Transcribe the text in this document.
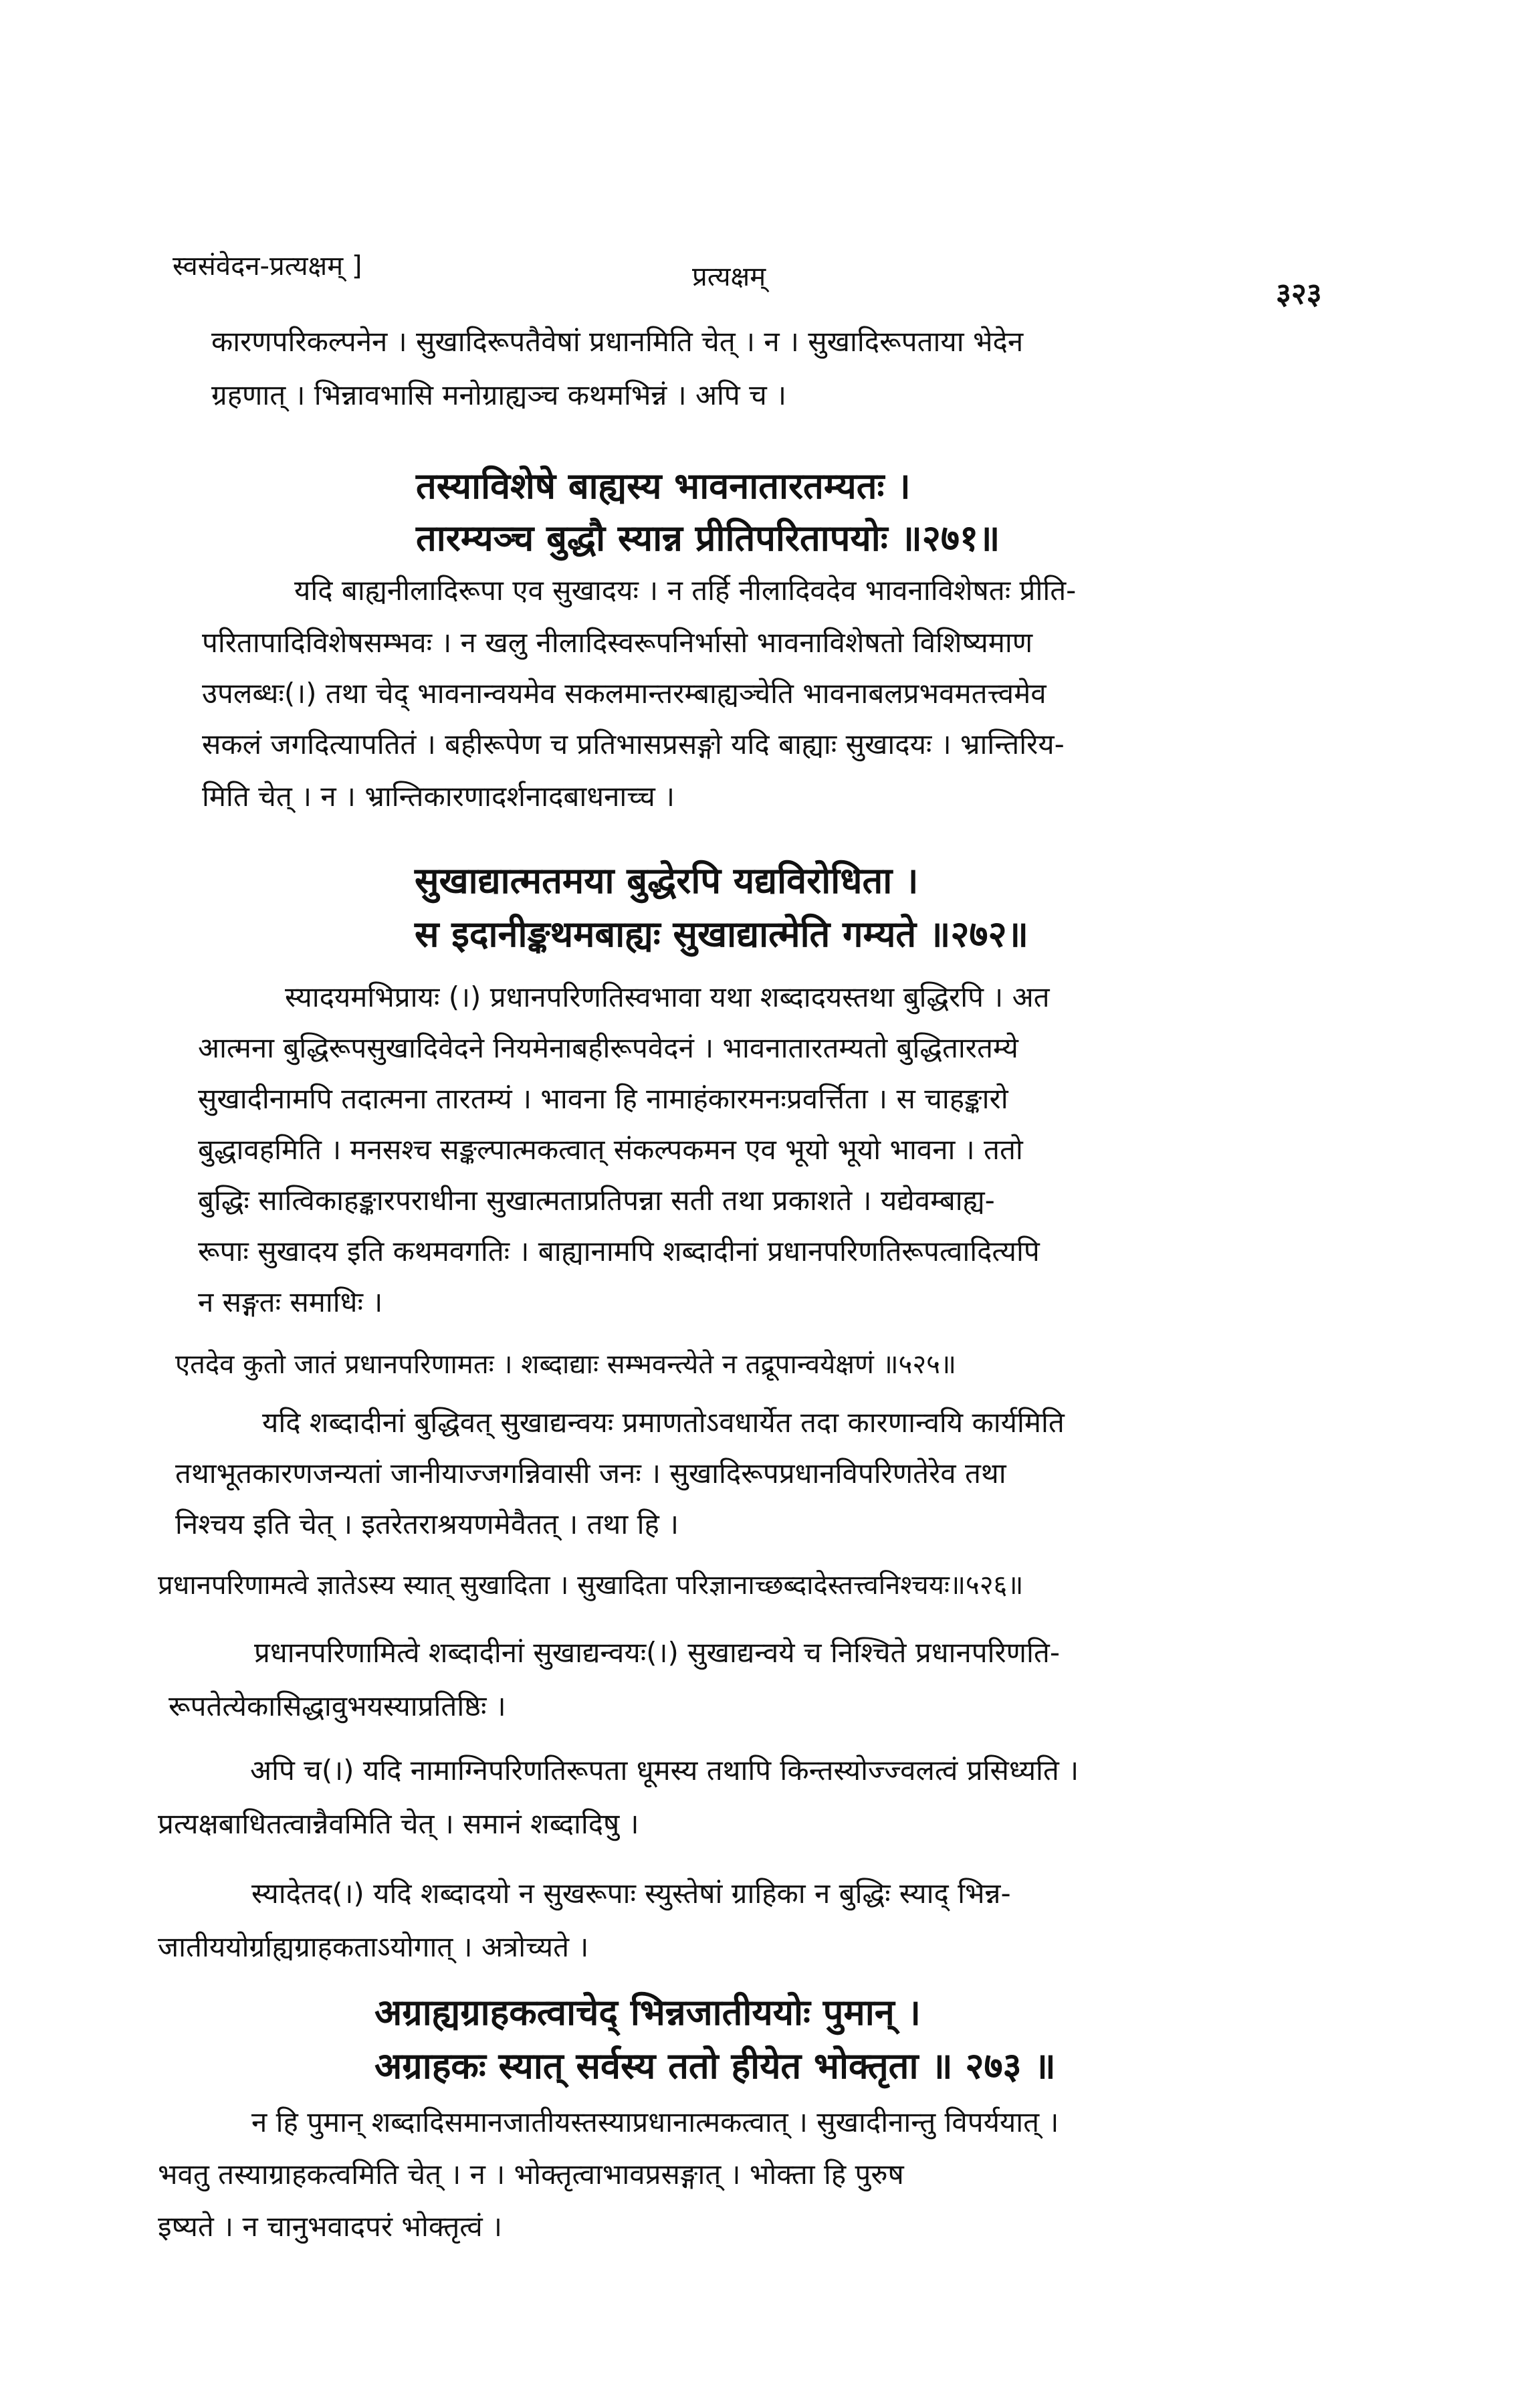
स्वसंवेदन-प्रत्यक्षम् ]	प्रत्यक्षम्	३२३
कारणपरिकल्पनेन । सुखादिरूपतैवेषां प्रधानमिति चेत् । न । सुखादिरूपताया भेदेन
ग्रहणात् । भिन्नावभासि मनोग्राह्यञ्च कथमभिन्नं । अपि च ।
तस्याविशेषे बाह्यस्य भावनातारतम्यतः ।
तारम्यञ्च बुद्धौ स्यान्न प्रीतिपरितापयोः ॥२७१॥
यदि बाह्यनीलादिरूपा एव सुखादयः । न तर्हि नीलादिवदेव भावनाविशेषतः प्रीति-
परितापादिविशेषसम्भवः । न खलु नीलादिस्वरूपनिर्भासो भावनाविशेषतो विशिष्यमाण
उपलब्धः(।) तथा चेद् भावनान्वयमेव सकलमान्तरम्बाह्यञ्चेति भावनाबलप्रभवमतत्त्वमेव
सकलं जगदित्यापतितं । बहीरूपेण च प्रतिभासप्रसङ्गो यदि बाह्याः सुखादयः । भ्रान्तिरिय-
मिति चेत् । न । भ्रान्तिकारणादर्शनादबाधनाच्च ।
सुखाद्यात्मतमया बुद्धेरपि यद्यविरोधिता ।
स इदानीङ्कथमबाह्यः सुखाद्यात्मेति गम्यते ॥२७२॥
स्यादयमभिप्रायः (।) प्रधानपरिणतिस्वभावा यथा शब्दादयस्तथा बुद्धिरपि । अत
आत्मना बुद्धिरूपसुखादिवेदने नियमेनाबहीरूपवेदनं । भावनातारतम्यतो बुद्धितारतम्ये
सुखादीनामपि तदात्मना तारतम्यं । भावना हि नामाहंकारमनःप्रवर्त्तिता । स चाहङ्कारो
बुद्धावहमिति । मनसश्च सङ्कल्पात्मकत्वात् संकल्पकमन एव भूयो भूयो भावना । ततो
बुद्धिः सात्विकाहङ्कारपराधीना सुखात्मताप्रतिपन्ना सती तथा प्रकाशते । यद्येवम्बाह्य-
रूपाः सुखादय इति कथमवगतिः । बाह्यानामपि शब्दादीनां प्रधानपरिणतिरूपत्वादित्यपि
न सङ्गतः समाधिः ।
एतदेव कुतो जातं प्रधानपरिणामतः । शब्दाद्याः सम्भवन्त्येते न तद्रूपान्वयेक्षणं ॥५२५॥
यदि शब्दादीनां बुद्धिवत् सुखाद्यन्वयः प्रमाणतोऽवधार्येत तदा कारणान्वयि कार्यमिति
तथाभूतकारणजन्यतां जानीयाज्जगन्निवासी जनः । सुखादिरूपप्रधानविपरिणतेरेव तथा
निश्चय इति चेत् । इतरेतराश्रयणमेवैतत् । तथा हि ।
प्रधानपरिणामत्वे ज्ञातेऽस्य स्यात् सुखादिता । सुखादिता परिज्ञानाच्छब्दादेस्तत्त्वनिश्चयः॥५२६॥
प्रधानपरिणामित्वे शब्दादीनां सुखाद्यन्वयः(।) सुखाद्यन्वये च निश्चिते प्रधानपरिणति-
रूपतेत्येकासिद्धावुभयस्याप्रतिष्ठिः ।
अपि च(।) यदि नामाग्निपरिणतिरूपता धूमस्य तथापि किन्तस्योज्ज्वलत्वं प्रसिध्यति ।
प्रत्यक्षबाधितत्वान्नैवमिति चेत् । समानं शब्दादिषु ।
स्यादेतद(।) यदि शब्दादयो न सुखरूपाः स्युस्तेषां ग्राहिका न बुद्धिः स्याद् भिन्न-
जातीययोर्ग्राह्यग्राहकताऽयोगात् । अत्रोच्यते ।
अग्राह्यग्राहकत्वाचेद् भिन्नजातीययोः पुमान् ।
अग्राहकः स्यात् सर्वस्य ततो हीयेत भोक्तृता ॥ २७३ ॥
न हि पुमान् शब्दादिसमानजातीयस्तस्याप्रधानात्मकत्वात् । सुखादीनान्तु विपर्ययात् ।
भवतु तस्याग्राहकत्वमिति चेत् । न । भोक्तृत्वाभावप्रसङ्गात् । भोक्ता हि पुरुष
इष्यते । न चानुभवादपरं भोक्तृत्वं ।
